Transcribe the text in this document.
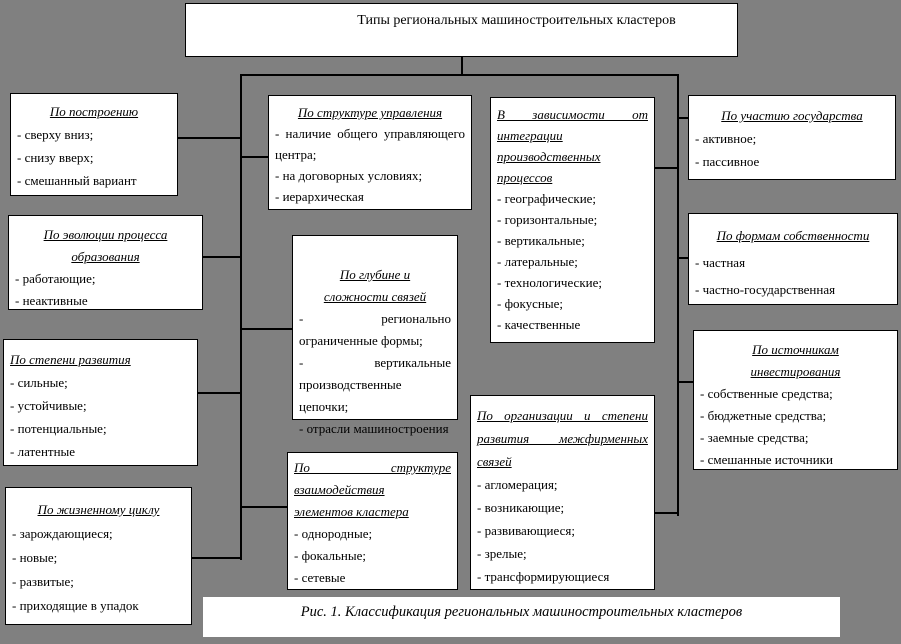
Типы региональных машиностроительных кластеров
По построению
- сверху вниз;
- снизу вверх;
- смешанный вариант
По эволюции процесса
образования
- работающие;
- неактивные
По степени развития
- сильные;
- устойчивые;
- потенциальные;
- латентные
По жизненному циклу
- зарождающиеся;
- новые;
- развитые;
- приходящие в упадок
По структуре управления
- наличие общего управляющего
центра;
- на договорных условиях;
- иерархическая
По глубине и
сложности связей
- регионально
ограниченные формы;
- вертикальные
производственные цепочки;
- отрасли машиностроения
По структуре
взаимодействия
элементов кластера
- однородные;
- фокальные;
- сетевые
В зависимости от
интеграции
производственных
процессов
- географические;
- горизонтальные;
- вертикальные;
- латеральные;
- технологические;
- фокусные;
- качественные
По организации и степени
развития межфирменных
связей
- агломерация;
- возникающие;
- развивающиеся;
- зрелые;
- трансформирующиеся
По участию государства
- активное;
- пассивное
По формам собственности
- частная
- частно-государственная
По источникам
инвестирования
- собственные средства;
- бюджетные средства;
- заемные средства;
- смешанные источники
Рис. 1. Классификация региональных машиностроительных кластеров
